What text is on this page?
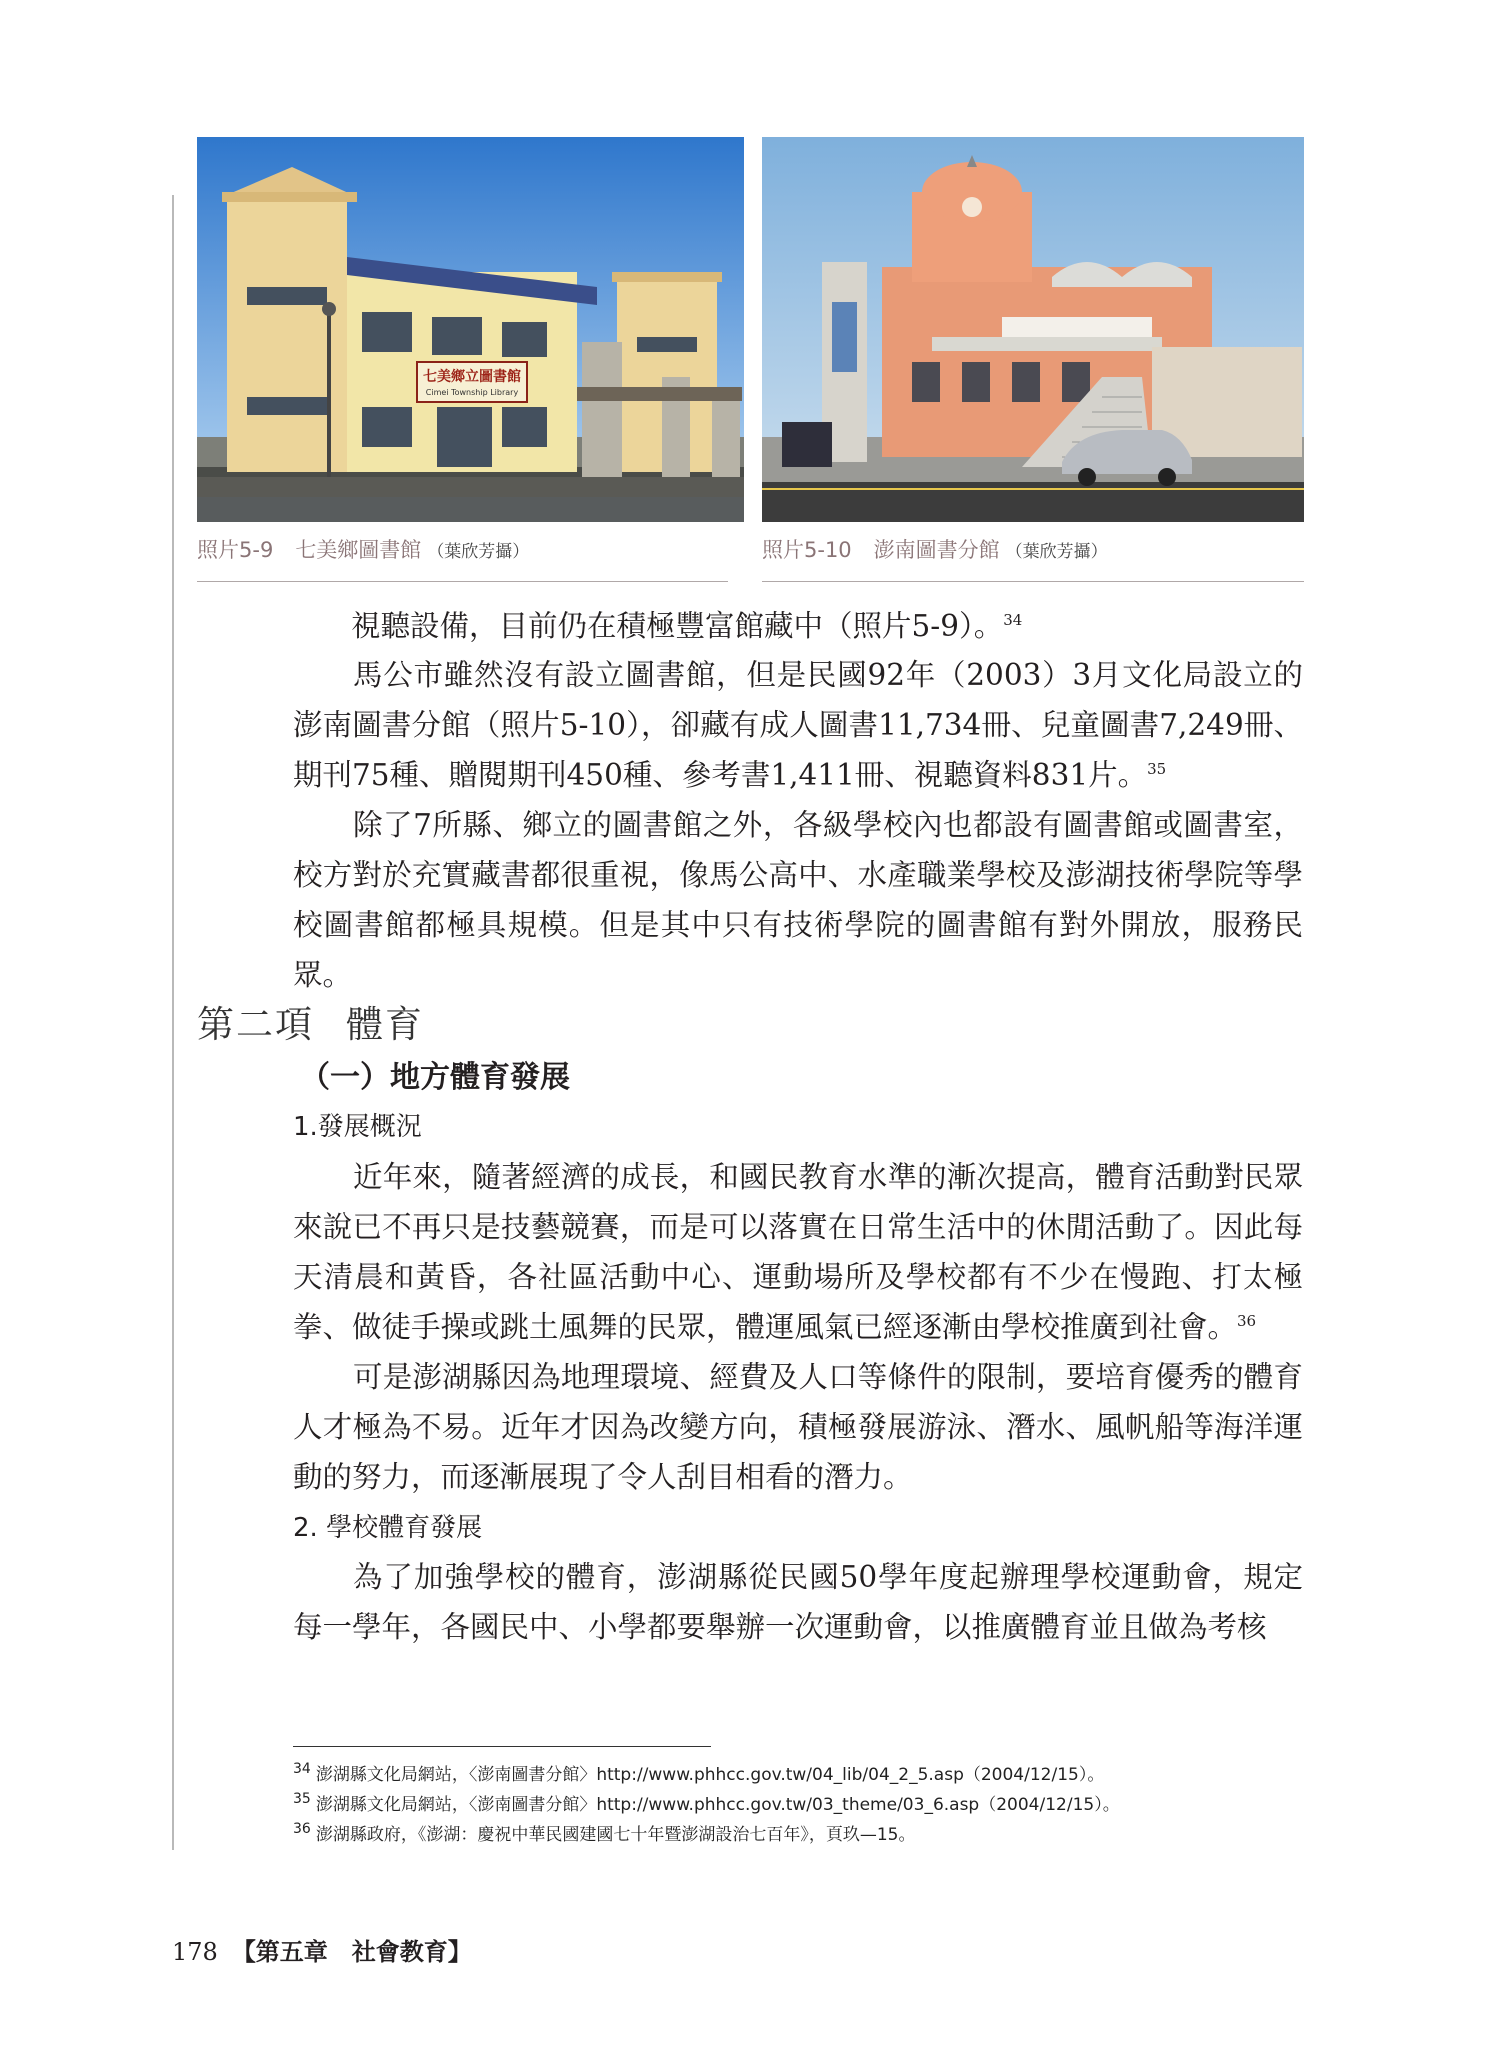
七美鄉立圖書館
Cimei Township Library
照片5-9 七美鄉圖書館 （葉欣芳攝）	照片5-10 澎南圖書分館 （葉欣芳攝）

視聽設備，目前仍在積極豐富館藏中（照片5-9）。$^{34}$

馬公市雖然沒有設立圖書館，但是民國92年（2003）3月文化局設立的澎南圖書分館（照片5-10），卻藏有成人圖書11,734冊、兒童圖書7,249冊、期刊75種、贈閱期刊450種、參考書1,411冊、視聽資料831片。$^{35}$

除了7所縣、鄉立的圖書館之外，各級學校內也都設有圖書館或圖書室，校方對於充實藏書都很重視，像馬公高中、水產職業學校及澎湖技術學院等學校圖書館都極具規模。但是其中只有技術學院的圖書館有對外開放，服務民眾。

第二項 體育
（一）地方體育發展
1.發展概況

近年來，隨著經濟的成長，和國民教育水準的漸次提高，體育活動對民眾來說已不再只是技藝競賽，而是可以落實在日常生活中的休閒活動了。因此每天清晨和黃昏，各社區活動中心、運動場所及學校都有不少在慢跑、打太極拳、做徒手操或跳土風舞的民眾，體運風氣已經逐漸由學校推廣到社會。$^{36}$

可是澎湖縣因為地理環境、經費及人口等條件的限制，要培育優秀的體育人才極為不易。近年才因為改變方向，積極發展游泳、潛水、風帆船等海洋運動的努力，而逐漸展現了令人刮目相看的潛力。

2. 學校體育發展

為了加強學校的體育，澎湖縣從民國50學年度起辦理學校運動會，規定每一學年，各國民中、小學都要舉辦一次運動會，以推廣體育並且做為考核

$^{34}$ 澎湖縣文化局網站，〈澎南圖書分館〉http://www.phhcc.gov.tw/04_lib/04_2_5.asp（2004/12/15）。
$^{35}$ 澎湖縣文化局網站，〈澎南圖書分館〉http://www.phhcc.gov.tw/03_theme/03_6.asp（2004/12/15）。
$^{36}$ 澎湖縣政府，《澎湖：慶祝中華民國建國七十年暨澎湖設治七百年》，頁玖—15。
178 【第五章　社會教育】
